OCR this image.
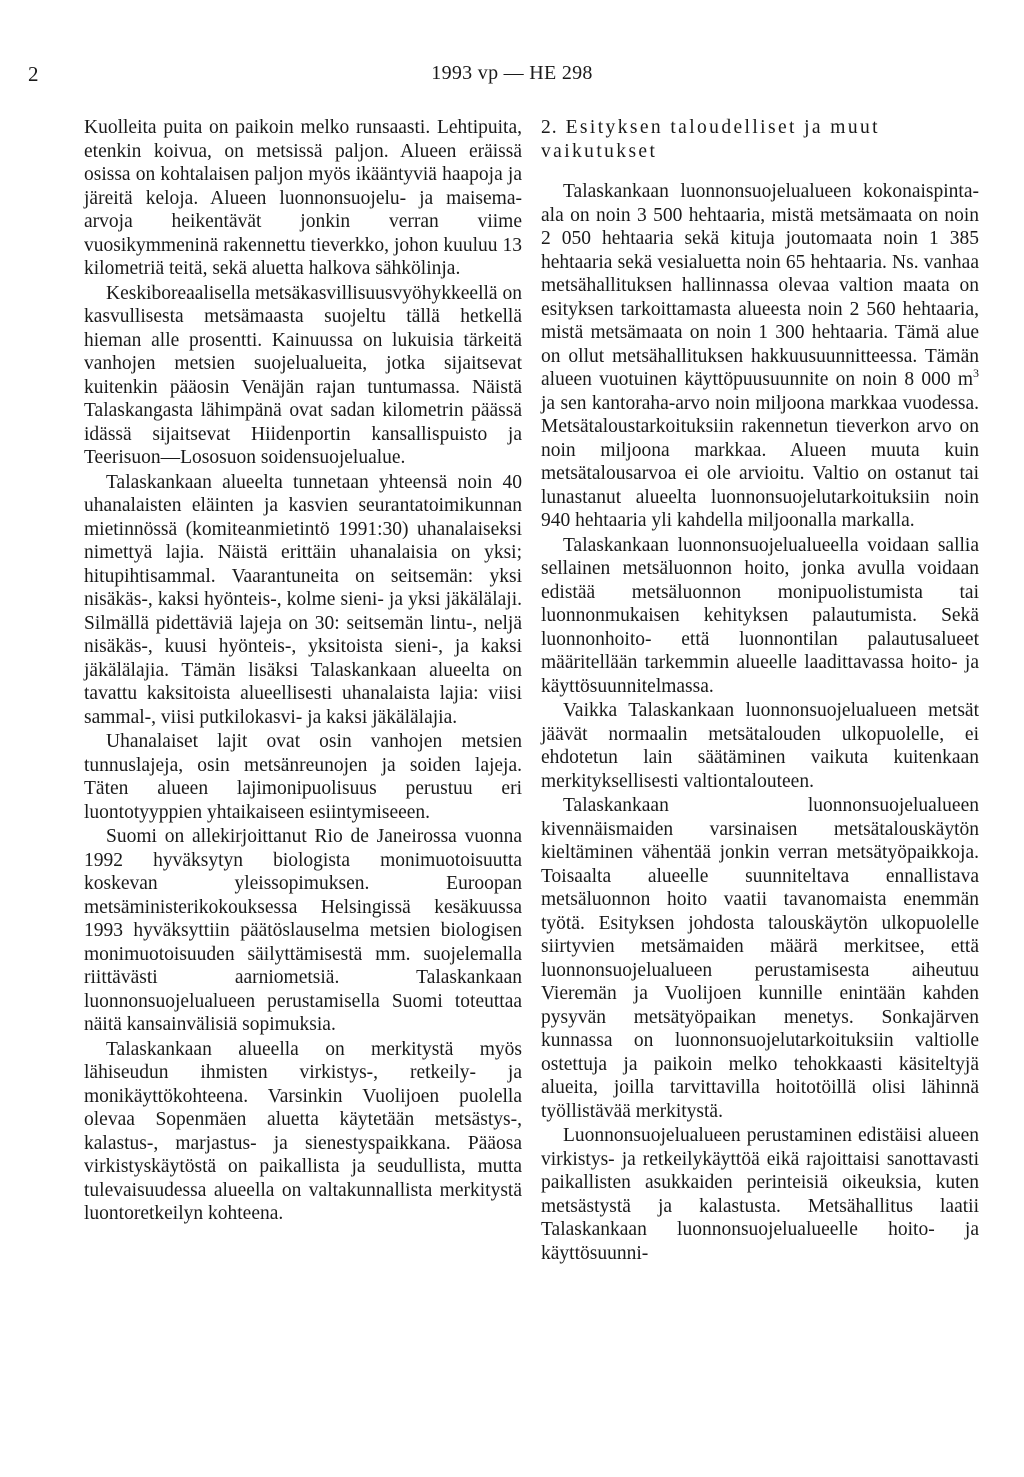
2	1993 vp — HE 298

Kuolleita puita on paikoin melko runsaasti. Lehtipuita, etenkin koivua, on metsissä paljon. Alueen eräissä osissa on kohtalaisen paljon myös ikääntyviä haapoja ja järeitä keloja. Alueen luonnonsuojelu- ja maisema-arvoja heikentävät jonkin verran viime vuosikymmeninä rakennettu tieverkko, johon kuuluu 13 kilometriä teitä, sekä aluetta halkova sähkölinja.

Keskiboreaalisella metsäkasvillisuusvyöhykkeellä on kasvullisesta metsämaasta suojeltu tällä hetkellä hieman alle prosentti. Kainuussa on lukuisia tärkeitä vanhojen metsien suojelualueita, jotka sijaitsevat kuitenkin pääosin Venäjän rajan tuntumassa. Näistä Talaskangasta lähimpänä ovat sadan kilometrin päässä idässä sijaitsevat Hiidenportin kansallispuisto ja Teerisuon—Lososuon soidensuojelualue.

Talaskankaan alueelta tunnetaan yhteensä noin 40 uhanalaisten eläinten ja kasvien seurantatoimikunnan mietinnössä (komiteanmietintö 1991:30) uhanalaiseksi nimettyä lajia. Näistä erittäin uhanalaisia on yksi; hitupihtisammal. Vaarantuneita on seitsemän: yksi nisäkäs-, kaksi hyönteis-, kolme sieni- ja yksi jäkälälaji. Silmällä pidettäviä lajeja on 30: seitsemän lintu-, neljä nisäkäs-, kuusi hyönteis-, yksitoista sieni-, ja kaksi jäkälälajia. Tämän lisäksi Talaskankaan alueelta on tavattu kaksitoista alueellisesti uhanalaista lajia: viisi sammal-, viisi putkilokasvi- ja kaksi jäkälälajia.

Uhanalaiset lajit ovat osin vanhojen metsien tunnuslajeja, osin metsänreunojen ja soiden lajeja. Täten alueen lajimonipuolisuus perustuu eri luontotyyppien yhtaikaiseen esiintymiseeen.

Suomi on allekirjoittanut Rio de Janeirossa vuonna 1992 hyväksytyn biologista monimuotoisuutta koskevan yleissopimuksen. Euroopan metsäministerikokouksessa Helsingissä kesäkuussa 1993 hyväksyttiin päätöslauselma metsien biologisen monimuotoisuuden säilyttämisestä mm. suojelemalla riittävästi aarniometsiä. Talaskankaan luonnonsuojelualueen perustamisella Suomi toteuttaa näitä kansainvälisiä sopimuksia.

Talaskankaan alueella on merkitystä myös lähiseudun ihmisten virkistys-, retkeily- ja monikäyttökohteena. Varsinkin Vuolijoen puolella olevaa Sopenmäen aluetta käytetään metsästys-, kalastus-, marjastus- ja sienestyspaikkana. Pääosa virkistyskäytöstä on paikallista ja seudullista, mutta tulevaisuudessa alueella on valtakunnallista merkitystä luontoretkeilyn kohteena.

2. Esityksen taloudelliset ja muut vaikutukset

Talaskankaan luonnonsuojelualueen kokonaispinta-ala on noin 3 500 hehtaaria, mistä metsämaata on noin 2 050 hehtaaria sekä kituja joutomaata noin 1 385 hehtaaria sekä vesialuetta noin 65 hehtaaria. Ns. vanhaa metsähallituksen hallinnassa olevaa valtion maata on esityksen tarkoittamasta alueesta noin 2 560 hehtaaria, mistä metsämaata on noin 1 300 hehtaaria. Tämä alue on ollut metsähallituksen hakkuusuunnitteessa. Tämän alueen vuotuinen käyttöpuusuunnite on noin 8 000 $m^3$ ja sen kantoraha-arvo noin miljoona markkaa vuodessa. Metsätaloustarkoituksiin rakennetun tieverkon arvo on noin miljoona markkaa. Alueen muuta kuin metsätalousarvoa ei ole arvioitu. Valtio on ostanut tai lunastanut alueelta luonnonsuojelutarkoituksiin noin 940 hehtaaria yli kahdella miljoonalla markalla.

Talaskankaan luonnonsuojelualueella voidaan sallia sellainen metsäluonnon hoito, jonka avulla voidaan edistää metsäluonnon monipuolistumista tai luonnonmukaisen kehityksen palautumista. Sekä luonnonhoito- että luonnontilan palautusalueet määritellään tarkemmin alueelle laadittavassa hoito- ja käyttösuunnitelmassa.

Vaikka Talaskankaan luonnonsuojelualueen metsät jäävät normaalin metsätalouden ulkopuolelle, ei ehdotetun lain säätäminen vaikuta kuitenkaan merkityksellisesti valtiontalouteen.

Talaskankaan luonnonsuojelualueen kivennäismaiden varsinaisen metsätalouskäytön kieltäminen vähentää jonkin verran metsätyöpaikkoja. Toisaalta alueelle suunniteltava ennallistava metsäluonnon hoito vaatii tavanomaista enemmän työtä. Esityksen johdosta talouskäytön ulkopuolelle siirtyvien metsämaiden määrä merkitsee, että luonnonsuojelualueen perustamisesta aiheutuu Vieremän ja Vuolijoen kunnille enintään kahden pysyvän metsätyöpaikan menetys. Sonkajärven kunnassa on luonnonsuojelutarkoituksiin valtiolle ostettuja ja paikoin melko tehokkaasti käsiteltyjä alueita, joilla tarvittavilla hoitotöillä olisi lähinnä työllistävää merkitystä.

Luonnonsuojelualueen perustaminen edistäisi alueen virkistys- ja retkeilykäyttöä eikä rajoittaisi sanottavasti paikallisten asukkaiden perinteisiä oikeuksia, kuten metsästystä ja kalastusta. Metsähallitus laatii Talaskankaan luonnonsuojelualueelle hoito- ja käyttösuunni-
